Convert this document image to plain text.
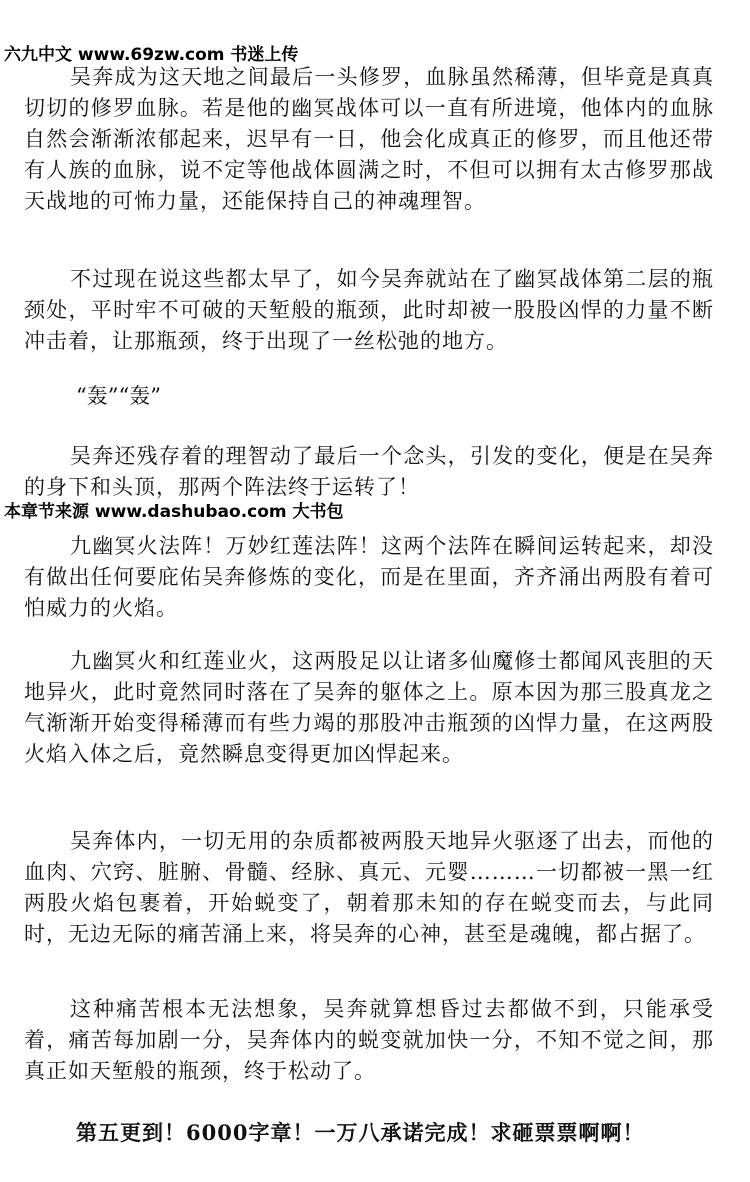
吴奔成为这天地之间最后一头修罗，血脉虽然稀薄，但毕竟是真真切切的修罗血脉。若是他的幽冥战体可以一直有所进境，他体内的血脉自然会渐渐浓郁起来，迟早有一日，他会化成真正的修罗，而且他还带有人族的血脉，说不定等他战体圆满之时，不但可以拥有太古修罗那战天战地的可怖力量，还能保持自己的神魂理智。
六九中文 www.69zw.com 书迷上传
不过现在说这些都太早了，如今吴奔就站在了幽冥战体第二层的瓶颈处，平时牢不可破的天堑般的瓶颈，此时却被一股股凶悍的力量不断冲击着，让那瓶颈，终于出现了一丝松弛的地方。
“轰”“轰”
吴奔还残存着的理智动了最后一个念头，引发的变化，便是在吴奔的身下和头顶，那两个阵法终于运转了！
本章节来源 www.dashubao.com 大书包
九幽冥火法阵！万妙红莲法阵！这两个法阵在瞬间运转起来，却没有做出任何要庇佑吴奔修炼的变化，而是在里面，齐齐涌出两股有着可怕威力的火焰。
九幽冥火和红莲业火，这两股足以让诸多仙魔修士都闻风丧胆的天地异火，此时竟然同时落在了吴奔的躯体之上。原本因为那三股真龙之气渐渐开始变得稀薄而有些力竭的那股冲击瓶颈的凶悍力量，在这两股火焰入体之后，竟然瞬息变得更加凶悍起来。
吴奔体内，一切无用的杂质都被两股天地异火驱逐了出去，而他的血肉、穴窍、脏腑、骨髓、经脉、真元、元婴………一切都被一黑一红两股火焰包裹着，开始蜕变了，朝着那未知的存在蜕变而去，与此同时，无边无际的痛苦涌上来，将吴奔的心神，甚至是魂魄，都占据了。
这种痛苦根本无法想象，吴奔就算想昏过去都做不到，只能承受着，痛苦每加剧一分，吴奔体内的蜕变就加快一分，不知不觉之间，那真正如天堑般的瓶颈，终于松动了。
第五更到！6000字章！一万八承诺完成！求砸票票啊啊！
